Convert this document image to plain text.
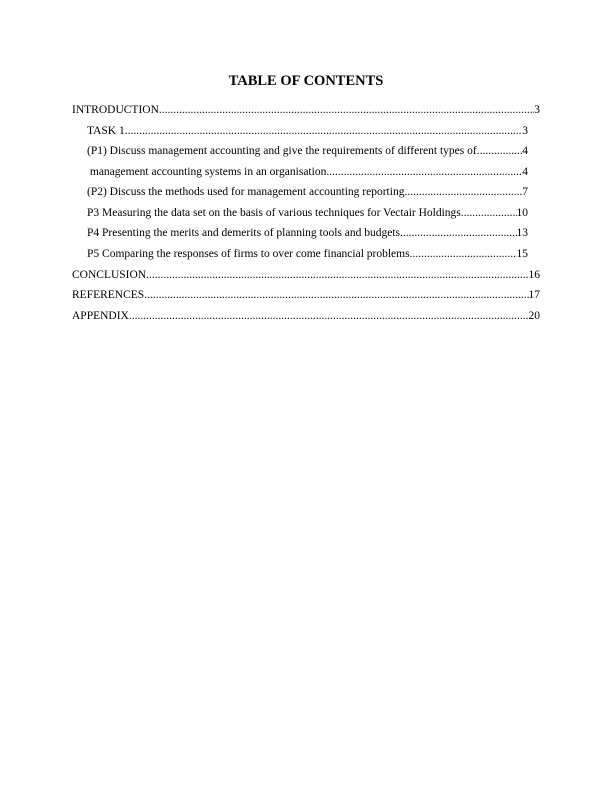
TABLE OF CONTENTS
INTRODUCTION .....	3
TASK 1 .....	3
(P1) Discuss management accounting and give the requirements of different types of .....	4
management accounting systems in an organisation .....	4
(P2) Discuss the methods used for management accounting reporting .....	7
P3 Measuring the data set on the basis of various techniques for Vectair Holdings .....	10
P4 Presenting the merits and demerits of planning tools and budgets .....	13
P5 Comparing the responses of firms to over come financial problems .....	15
CONCLUSION .....	16
REFERENCES .....	17
APPENDIX .....	20
